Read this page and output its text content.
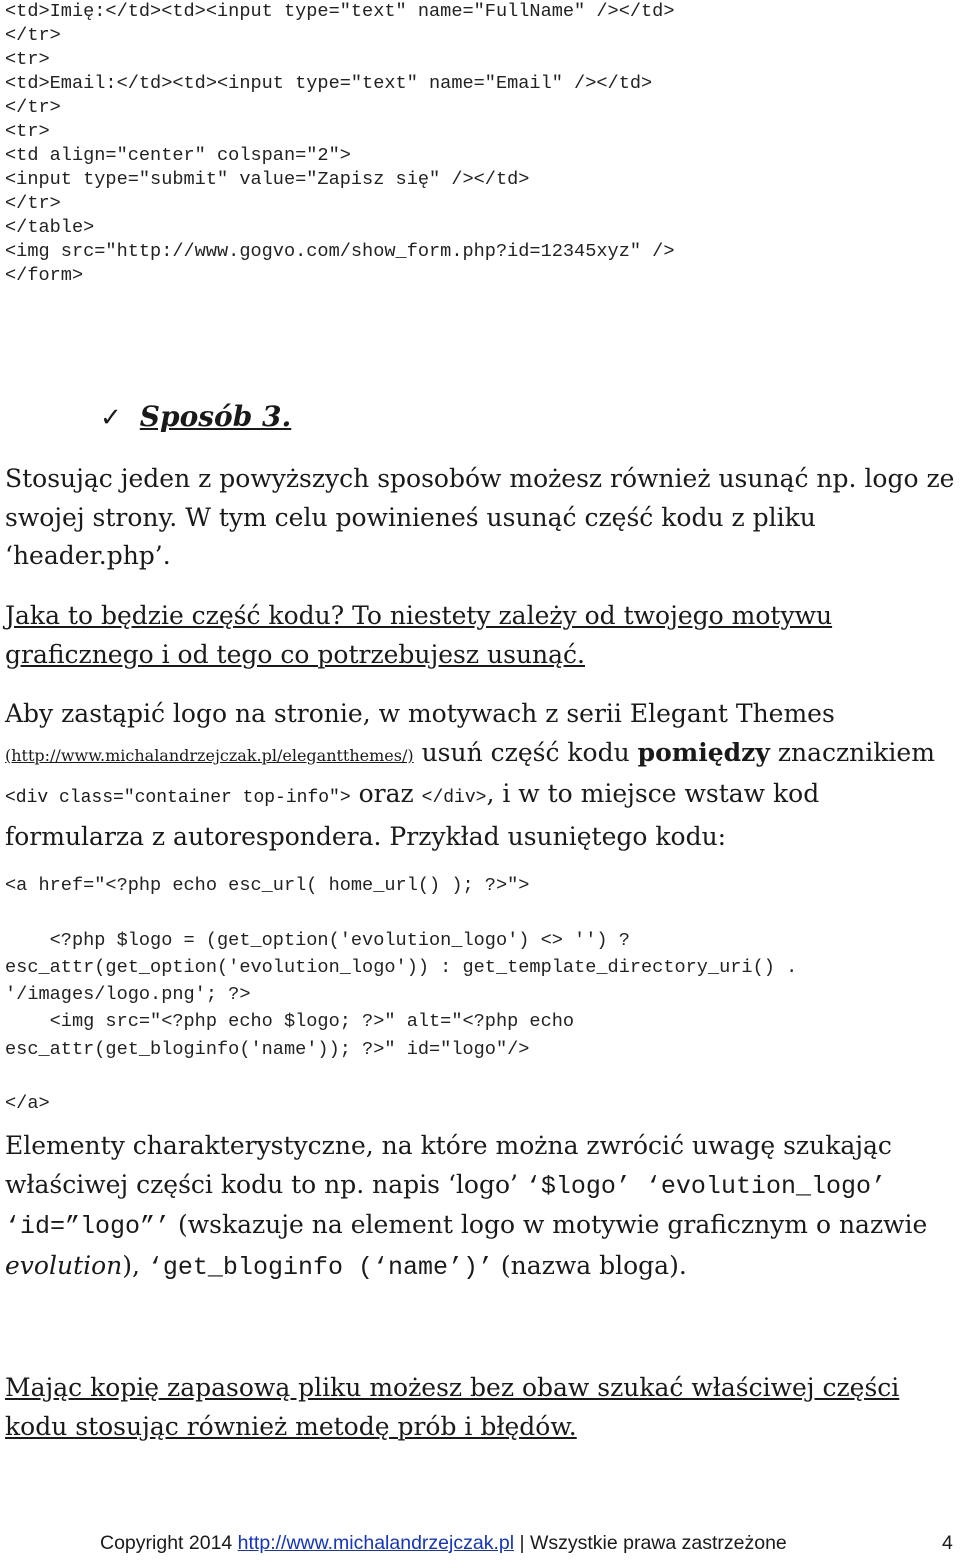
<td>Imię:</td><td><input type="text" name="FullName" /></td>
</tr>
<tr>
<td>Email:</td><td><input type="text" name="Email" /></td>
</tr>
<tr>
<td align="center" colspan="2">
<input type="submit" value="Zapisz się" /></td>
</tr>
</table>
<img src="http://www.gogvo.com/show_form.php?id=12345xyz" />
</form>
✓ Sposób 3.

Stosując jeden z powyższych sposobów możesz również usunąć np. logo ze swojej strony. W tym celu powinieneś usunąć część kodu z pliku ‘header.php’.

Jaka to będzie część kodu? To niestety zależy od twojego motywu graficznego i od tego co potrzebujesz usunąć.

Aby zastąpić logo na stronie, w motywach z serii Elegant Themes (http://www.michalandrzejczak.pl/elegantthemes/) usuń część kodu pomiędzy znacznikiem <div class="container top-info"> oraz </div>, i w to miejsce wstaw kod formularza z autorespondera. Przykład usuniętego kodu:

<a href="<?php echo esc_url( home_url() ); ?>">

<?php $logo = (get_option('evolution_logo') <> '') ?
esc_attr(get_option('evolution_logo')) : get_template_directory_uri() .
'/images/logo.png'; ?>
<img src="<?php echo $logo; ?>" alt="<?php echo
esc_attr(get_bloginfo('name')); ?>" id="logo"/>

</a>

Elementy charakterystyczne, na które można zwrócić uwagę szukając właściwej części kodu to np. napis ‘logo’ ‘$logo’ ‘evolution_logo’ ‘id=”logo”’ (wskazuje na element logo w motywie graficznym o nazwie evolution), ‘get_bloginfo (‘name’)’ (nazwa bloga).

Mając kopię zapasową pliku możesz bez obaw szukać właściwej części kodu stosując również metodę prób i błędów.

Copyright 2014 http://www.michalandrzejczak.pl | Wszystkie prawa zastrzeżone	4
